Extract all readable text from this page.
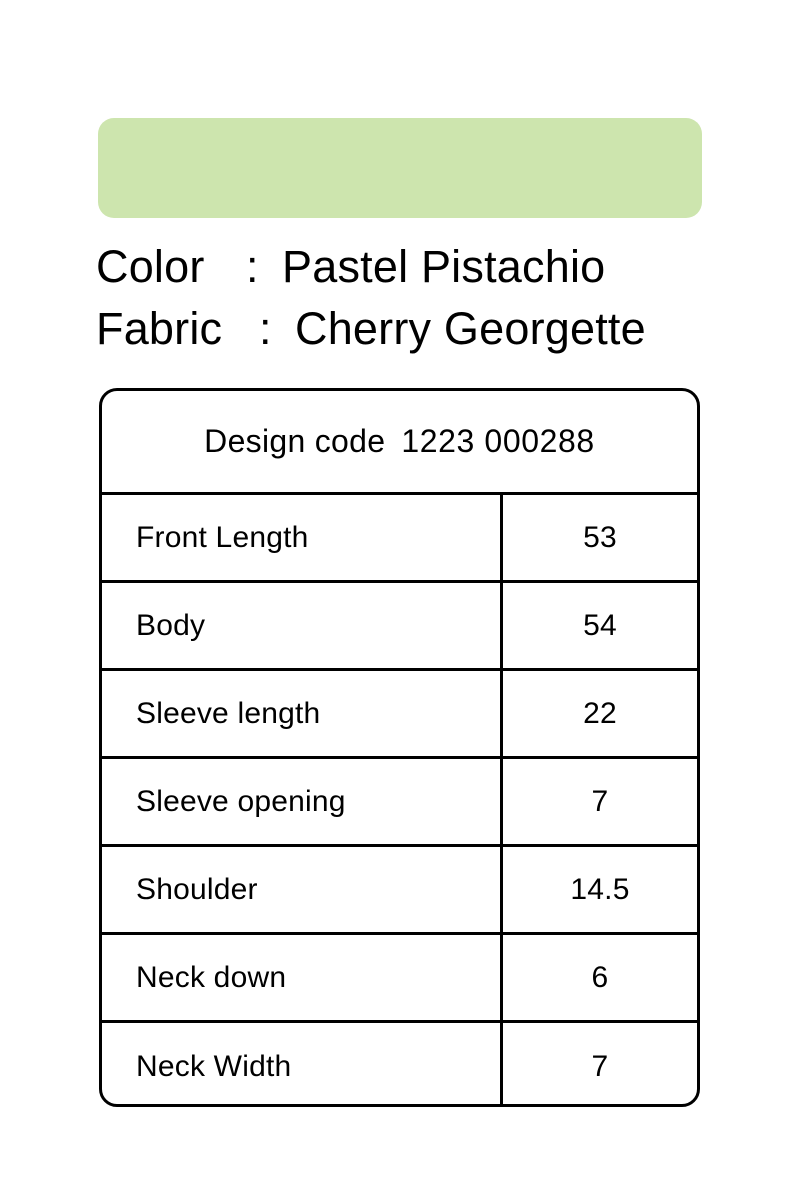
Color : Pastel Pistachio
Fabric : Cherry Georgette
Design code 1223 000288
Front Length	53
Body	54
Sleeve length	22
Sleeve opening	7
Shoulder	14.5
Neck down	6
Neck Width	7
